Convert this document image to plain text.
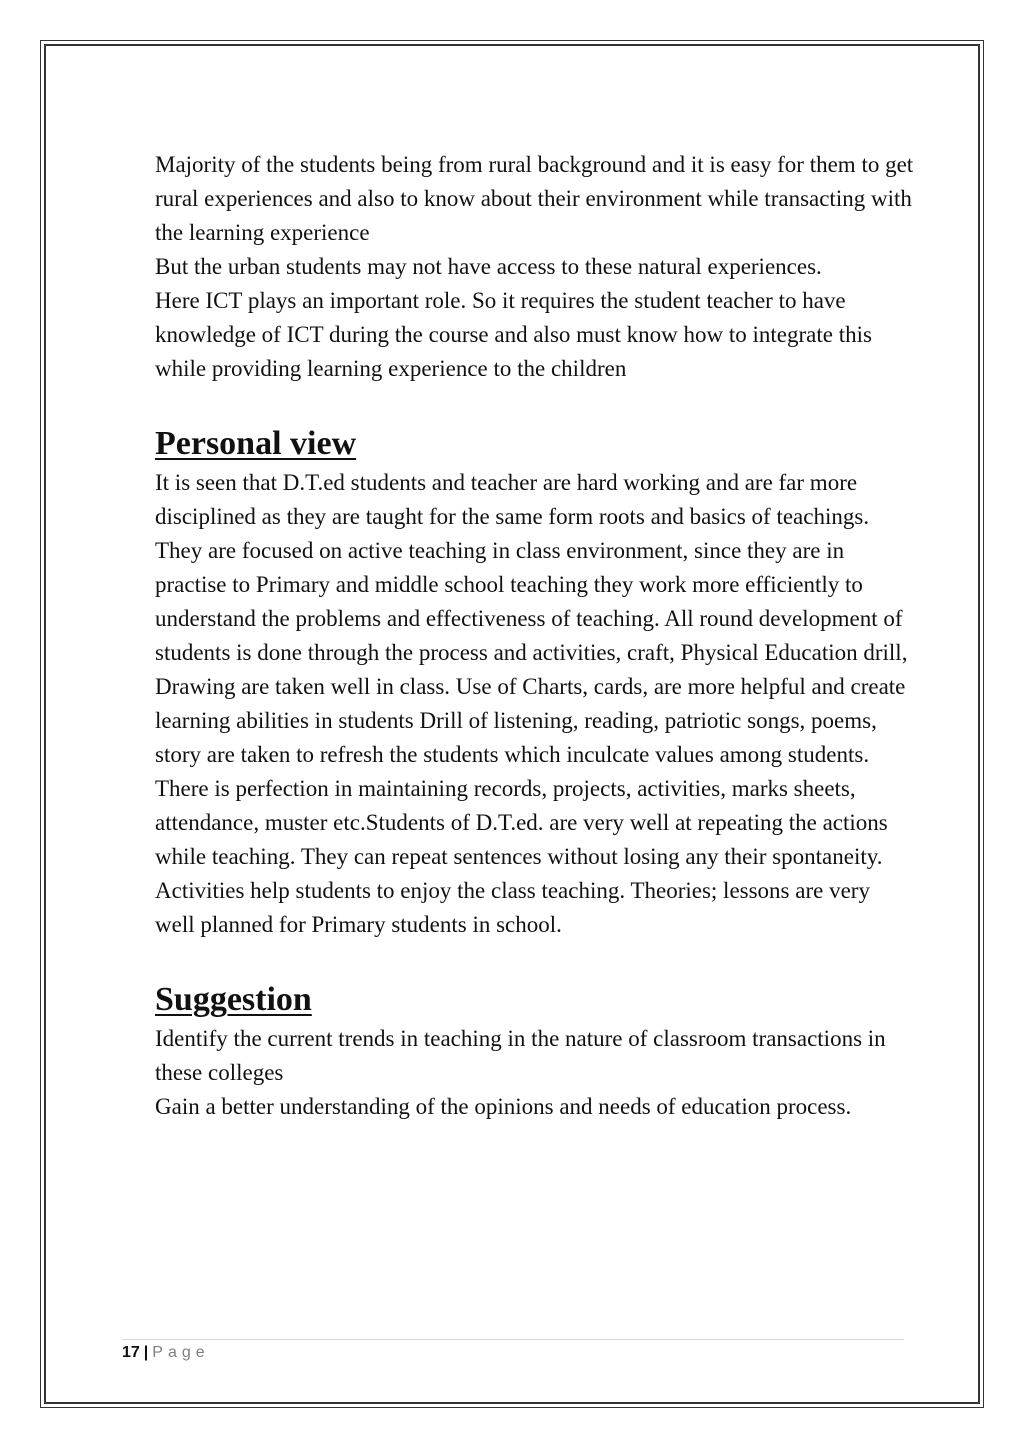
Majority of the students being from rural background and it is easy for them to get rural experiences and also to know about their environment while transacting with the learning experience

But the urban students may not have access to these natural experiences.

Here ICT plays an important role. So it requires the student teacher to have knowledge of ICT during the course and also must know how to integrate this while providing learning experience to the children

Personal view

It is seen that D.T.ed students and teacher are hard working and are far more disciplined as they are taught for the same form roots and basics of teachings. They are focused on active teaching in class environment, since they are in practise to Primary and middle school teaching they work more efficiently to understand the problems and effectiveness of teaching. All round development of students is done through the process and activities, craft, Physical Education drill, Drawing are taken well in class. Use of Charts, cards, are more helpful and create learning abilities in students Drill of listening, reading, patriotic songs, poems, story are taken to refresh the students which inculcate values among students. There is perfection in maintaining records, projects, activities, marks sheets, attendance, muster etc.Students of D.T.ed. are very well at repeating the actions while teaching. They can repeat sentences without losing any their spontaneity. Activities help students to enjoy the class teaching. Theories; lessons are very well planned for Primary students in school.

Suggestion

Identify the current trends in teaching in the nature of classroom transactions in these colleges

Gain a better understanding of the opinions and needs of education process.

17 | Page
